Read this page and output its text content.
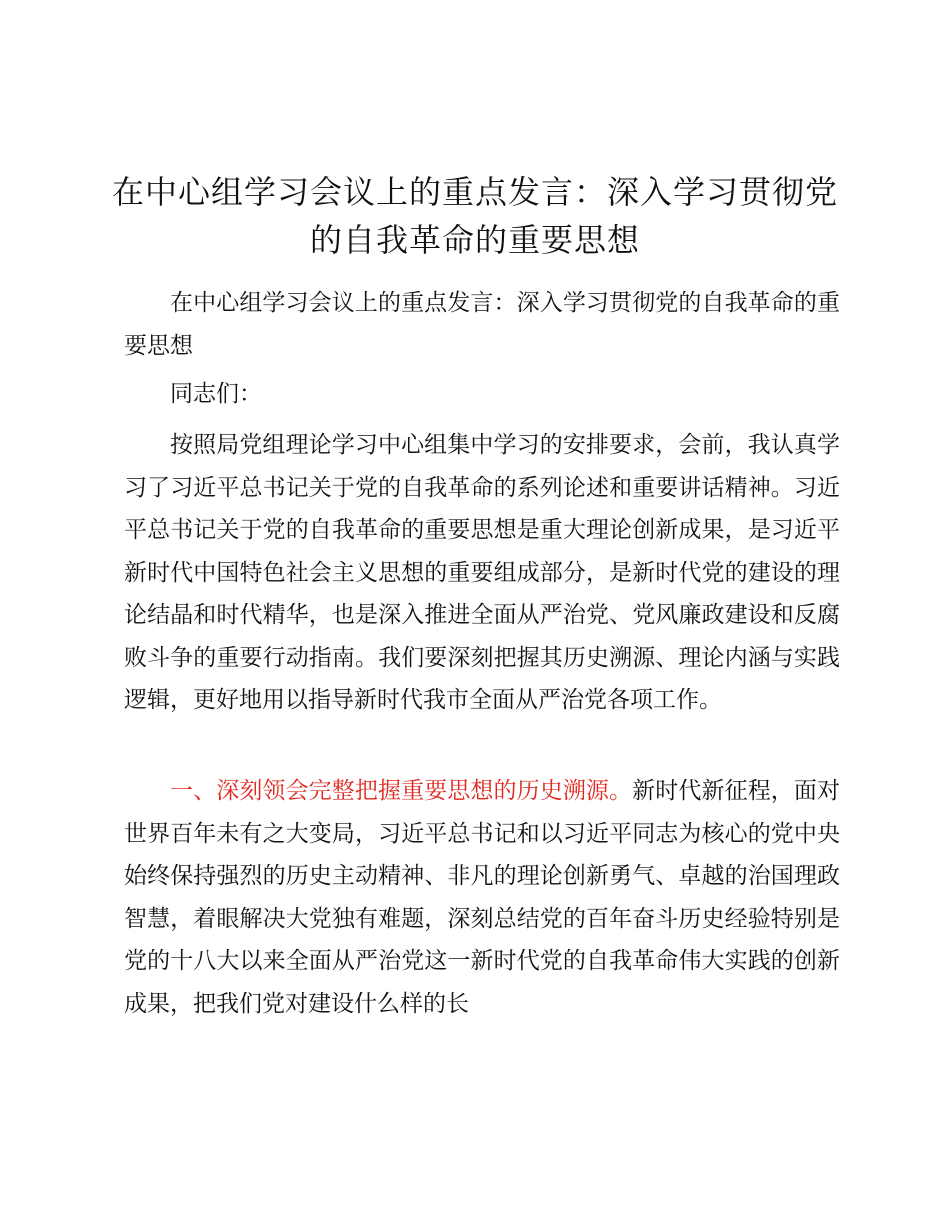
在中心组学习会议上的重点发言：深入学习贯彻党的自我革命的重要思想

在中心组学习会议上的重点发言：深入学习贯彻党的自我革命的重要思想

同志们：

按照局党组理论学习中心组集中学习的安排要求，会前，我认真学习了习近平总书记关于党的自我革命的系列论述和重要讲话精神。习近平总书记关于党的自我革命的重要思想是重大理论创新成果，是习近平新时代中国特色社会主义思想的重要组成部分，是新时代党的建设的理论结晶和时代精华，也是深入推进全面从严治党、党风廉政建设和反腐败斗争的重要行动指南。我们要深刻把握其历史溯源、理论内涵与实践逻辑，更好地用以指导新时代我市全面从严治党各项工作。

一、深刻领会完整把握重要思想的历史溯源。新时代新征程，面对世界百年未有之大变局，习近平总书记和以习近平同志为核心的党中央始终保持强烈的历史主动精神、非凡的理论创新勇气、卓越的治国理政智慧，着眼解决大党独有难题，深刻总结党的百年奋斗历史经验特别是党的十八大以来全面从严治党这一新时代党的自我革命伟大实践的创新成果，把我们党对建设什么样的长
